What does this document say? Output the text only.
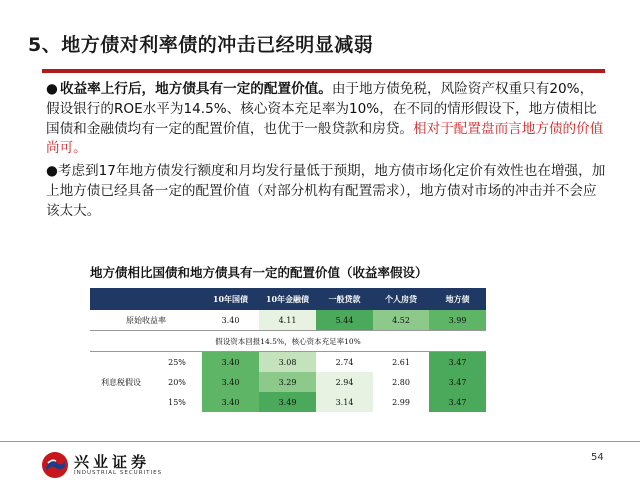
5、地方债对利率债的冲击已经明显减弱

● 收益率上行后，地方债具有一定的配置价值。由于地方债免税，风险资产权重只有20%，假设银行的ROE水平为14.5%、核心资本充足率为10%，在不同的情形假设下，地方债相比国债和金融债均有一定的配置价值，也优于一般贷款和房贷。相对于配置盘而言地方债的价值尚可。

●考虑到17年地方债发行额度和月均发行量低于预期，地方债市场化定价有效性也在增强，加上地方债已经具备一定的配置价值（对部分机构有配置需求），地方债对市场的冲击并不会应该太大。

地方债相比国债和地方债具有一定的配置价值（收益率假设）
		10年国债	10年金融债	一般贷款	个人房贷	地方债
原始收益率		3.40	4.11	5.44	4.52	3.99
假设资本回报14.5%，核心资本充足率10%						
利息税假设	25%	3.40	3.08	2.74	2.61	3.47
	20%	3.40	3.29	2.94	2.80	3.47
	15%	3.40	3.49	3.14	2.99	3.47
兴业证券
INDUSTRIAL SECURITIES
54
